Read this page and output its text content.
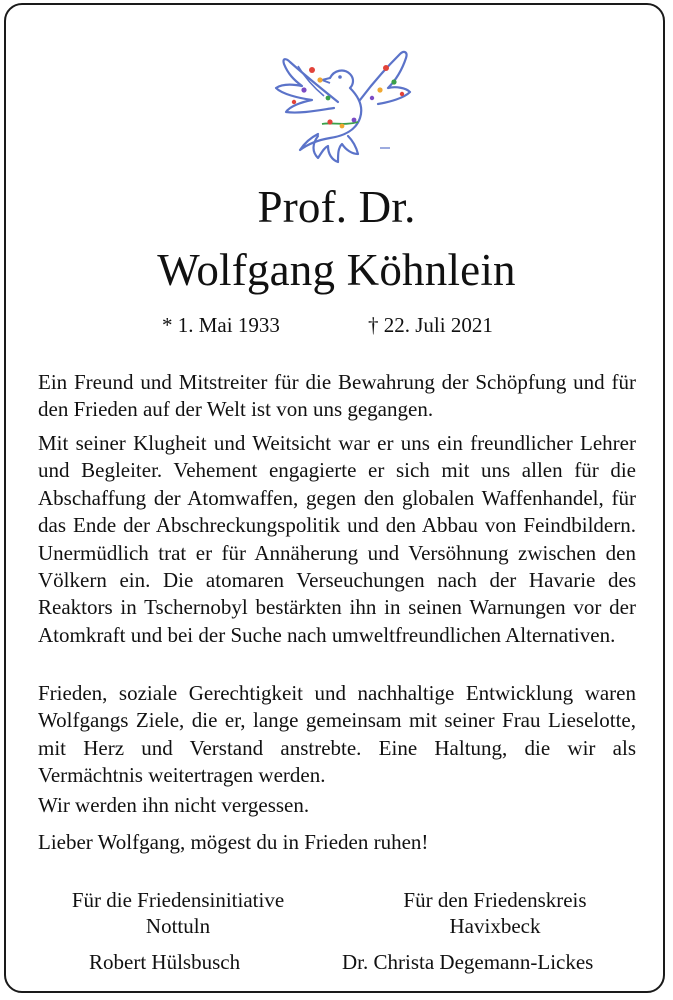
Prof. Dr.
Wolfgang Köhnlein
* 1. Mai 1933	† 22. Juli 2021

Ein Freund und Mitstreiter für die Bewahrung der Schöpfung und für den Frieden auf der Welt ist von uns gegangen.

Mit seiner Klugheit und Weitsicht war er uns ein freundlicher Lehrer und Begleiter. Vehement engagierte er sich mit uns allen für die Abschaffung der Atomwaffen, gegen den globalen Waffenhandel, für das Ende der Abschreckungspolitik und den Abbau von Feindbildern. Unermüdlich trat er für Annäherung und Versöhnung zwischen den Völkern ein. Die atomaren Verseuchungen nach der Havarie des Reaktors in Tschernobyl bestärkten ihn in seinen Warnungen vor der Atomkraft und bei der Suche nach umweltfreundlichen Alternativen.

Frieden, soziale Gerechtigkeit und nachhaltige Entwicklung waren Wolfgangs Ziele, die er, lange gemeinsam mit seiner Frau Lieselotte, mit Herz und Verstand anstrebte. Eine Haltung, die wir als Vermächtnis weitertragen werden.

Wir werden ihn nicht vergessen.

Lieber Wolfgang, mögest du in Frieden ruhen!

Für die Friedensinitiative
Nottuln
Für den Friedenskreis
Havixbeck
Robert Hülsbusch	Dr. Christa Degemann-Lickes
